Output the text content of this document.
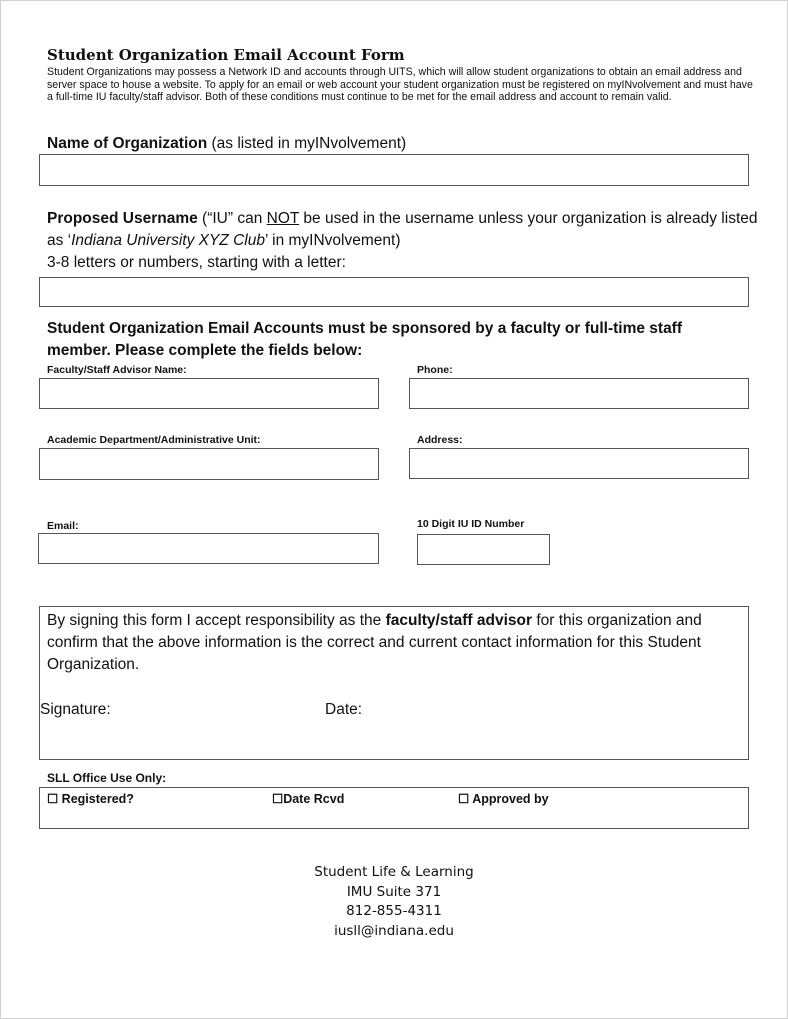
Student Organization Email Account Form
Student Organizations may possess a Network ID and accounts through UITS, which will allow student organizations to obtain an email address and server space to house a website. To apply for an email or web account your student organization must be registered on myINvolvement and must have a full-time IU faculty/staff advisor. Both of these conditions must continue to be met for the email address and account to remain valid.
Name of Organization (as listed in myINvolvement)
Proposed Username (“IU” can NOT be used in the username unless your organization is already listed as ‘Indiana University XYZ Club’ in myINvolvement)
3-8 letters or numbers, starting with a letter:
Student Organization Email Accounts must be sponsored by a faculty or full-time staff member. Please complete the fields below:
Faculty/Staff Advisor Name:	Phone:
Academic Department/Administrative Unit:	Address:
Email:	10 Digit IU ID Number
By signing this form I accept responsibility as the faculty/staff advisor for this organization and confirm that the above information is the correct and current contact information for this Student Organization.
Signature:	Date:
SLL Office Use Only:
☐ Registered?	☐Date Rcvd	☐ Approved by
Student Life & Learning
IMU Suite 371
812-855-4311
iusll@indiana.edu
